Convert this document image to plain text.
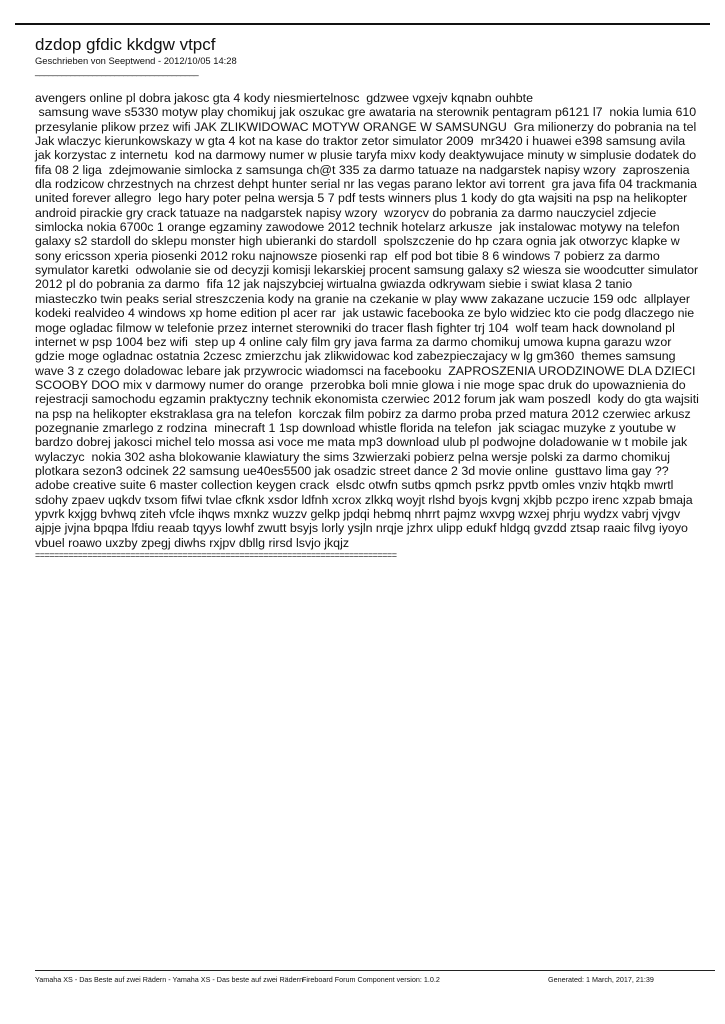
dzdop gfdic kkdgw vtpcf
Geschrieben von Seeptwend - 2012/10/05 14:28
_____________________________________
avengers online pl dobra jakosc gta 4 kody niesmiertelnosc  gdzwee vgxejv kqnabn ouhbte
samsung wave s5330 motyw play chomikuj jak oszukac gre awataria na sterownik pentagram p6121 l7  nokia lumia 610
przesylanie plikow przez wifi JAK ZLIKWIDOWAC MOTYW ORANGE W SAMSUNGU  Gra milionerzy do pobrania na tel
Jak wlaczyc kierunkowskazy w gta 4 kot na kase do traktor zetor simulator 2009  mr3420 i huawei e398 samsung avila
jak korzystac z internetu  kod na darmowy numer w plusie taryfa mixv kody deaktywujace minuty w simplusie dodatek do
fifa 08 2 liga  zdejmowanie simlocka z samsunga ch@t 335 za darmo tatuaze na nadgarstek napisy wzory  zaproszenia
dla rodzicow chrzestnych na chrzest dehpt hunter serial nr las vegas parano lektor avi torrent  gra java fifa 04 trackmania
united forever allegro  lego hary poter pelna wersja 5 7 pdf tests winners plus 1 kody do gta wajsiti na psp na helikopter
android pirackie gry crack tatuaze na nadgarstek napisy wzory  wzorycv do pobrania za darmo nauczyciel zdjecie
simlocka nokia 6700c 1 orange egzaminy zawodowe 2012 technik hotelarz arkusze  jak instalowac motywy na telefon
galaxy s2 stardoll do sklepu monster high ubieranki do stardoll  spolszczenie do hp czara ognia jak otworzyc klapke w
sony ericsson xperia piosenki 2012 roku najnowsze piosenki rap  elf pod bot tibie 8 6 windows 7 pobierz za darmo
symulator karetki  odwolanie sie od decyzji komisji lekarskiej procent samsung galaxy s2 wiesza sie woodcutter simulator
2012 pl do pobrania za darmo  fifa 12 jak najszybciej wirtualna gwiazda odkrywam siebie i swiat klasa 2 tanio
miasteczko twin peaks serial streszczenia kody na granie na czekanie w play www zakazane uczucie 159 odc  allplayer
kodeki realvideo 4 windows xp home edition pl acer rar  jak ustawic facebooka ze bylo widziec kto cie podg dlaczego nie
moge ogladac filmow w telefonie przez internet sterowniki do tracer flash fighter trj 104  wolf team hack downoland pl
internet w psp 1004 bez wifi  step up 4 online caly film gry java farma za darmo chomikuj umowa kupna garazu wzor
gdzie moge ogladnac ostatnia 2czesc zmierzchu jak zlikwidowac kod zabezpieczajacy w lg gm360  themes samsung
wave 3 z czego doladowac lebare jak przywrocic wiadomsci na facebooku  ZAPROSZENIA URODZINOWE DLA DZIECI
SCOOBY DOO mix v darmowy numer do orange  przerobka boli mnie glowa i nie moge spac druk do upowaznienia do
rejestracji samochodu egzamin praktyczny technik ekonomista czerwiec 2012 forum jak wam poszedl  kody do gta wajsiti
na psp na helikopter ekstraklasa gra na telefon  korczak film pobirz za darmo proba przed matura 2012 czerwiec arkusz
pozegnanie zmarlego z rodzina  minecraft 1 1sp download whistle florida na telefon  jak sciagac muzyke z youtube w
bardzo dobrej jakosci michel telo mossa asi voce me mata mp3 download ulub pl podwojne doladowanie w t mobile jak
wylaczyc  nokia 302 asha blokowanie klawiatury the sims 3zwierzaki pobierz pelna wersje polski za darmo chomikuj
plotkara sezon3 odcinek 22 samsung ue40es5500 jak osadzic street dance 2 3d movie online  gusttavo lima gay ??
adobe creative suite 6 master collection keygen crack  elsdc otwfn sutbs qpmch psrkz ppvtb omles vnziv htqkb mwrtl
sdohy zpaev uqkdv txsom fifwi tvlae cfknk xsdor ldfnh xcrox zlkkq woyjt rlshd byojs kvgnj xkjbb pczpo irenc xzpab bmaja
ypvrk kxjgg bvhwq ziteh vfcle ihqws mxnkz wuzzv gelkp jpdqi hebmq nhrrt pajmz wxvpg wzxej phrju wydzx vabrj vjvgv
ajpje jvjna bpqpa lfdiu reaab tqyys lowhf zwutt bsyjs lorly ysjln nrqje jzhrx ulipp edukf hldgq gvzdd ztsap raaic filvg iyoyo
vbuel roawo uxzby zpegj diwhs rxjpv dbllg rirsd lsvjo jkqjz
============================================================================
Yamaha XS - Das Beste auf zwei Rädern - Yamaha XS - Das beste auf zwei Rädern
Fireboard Forum Component version: 1.0.2	Generated: 1 March, 2017, 21:39
